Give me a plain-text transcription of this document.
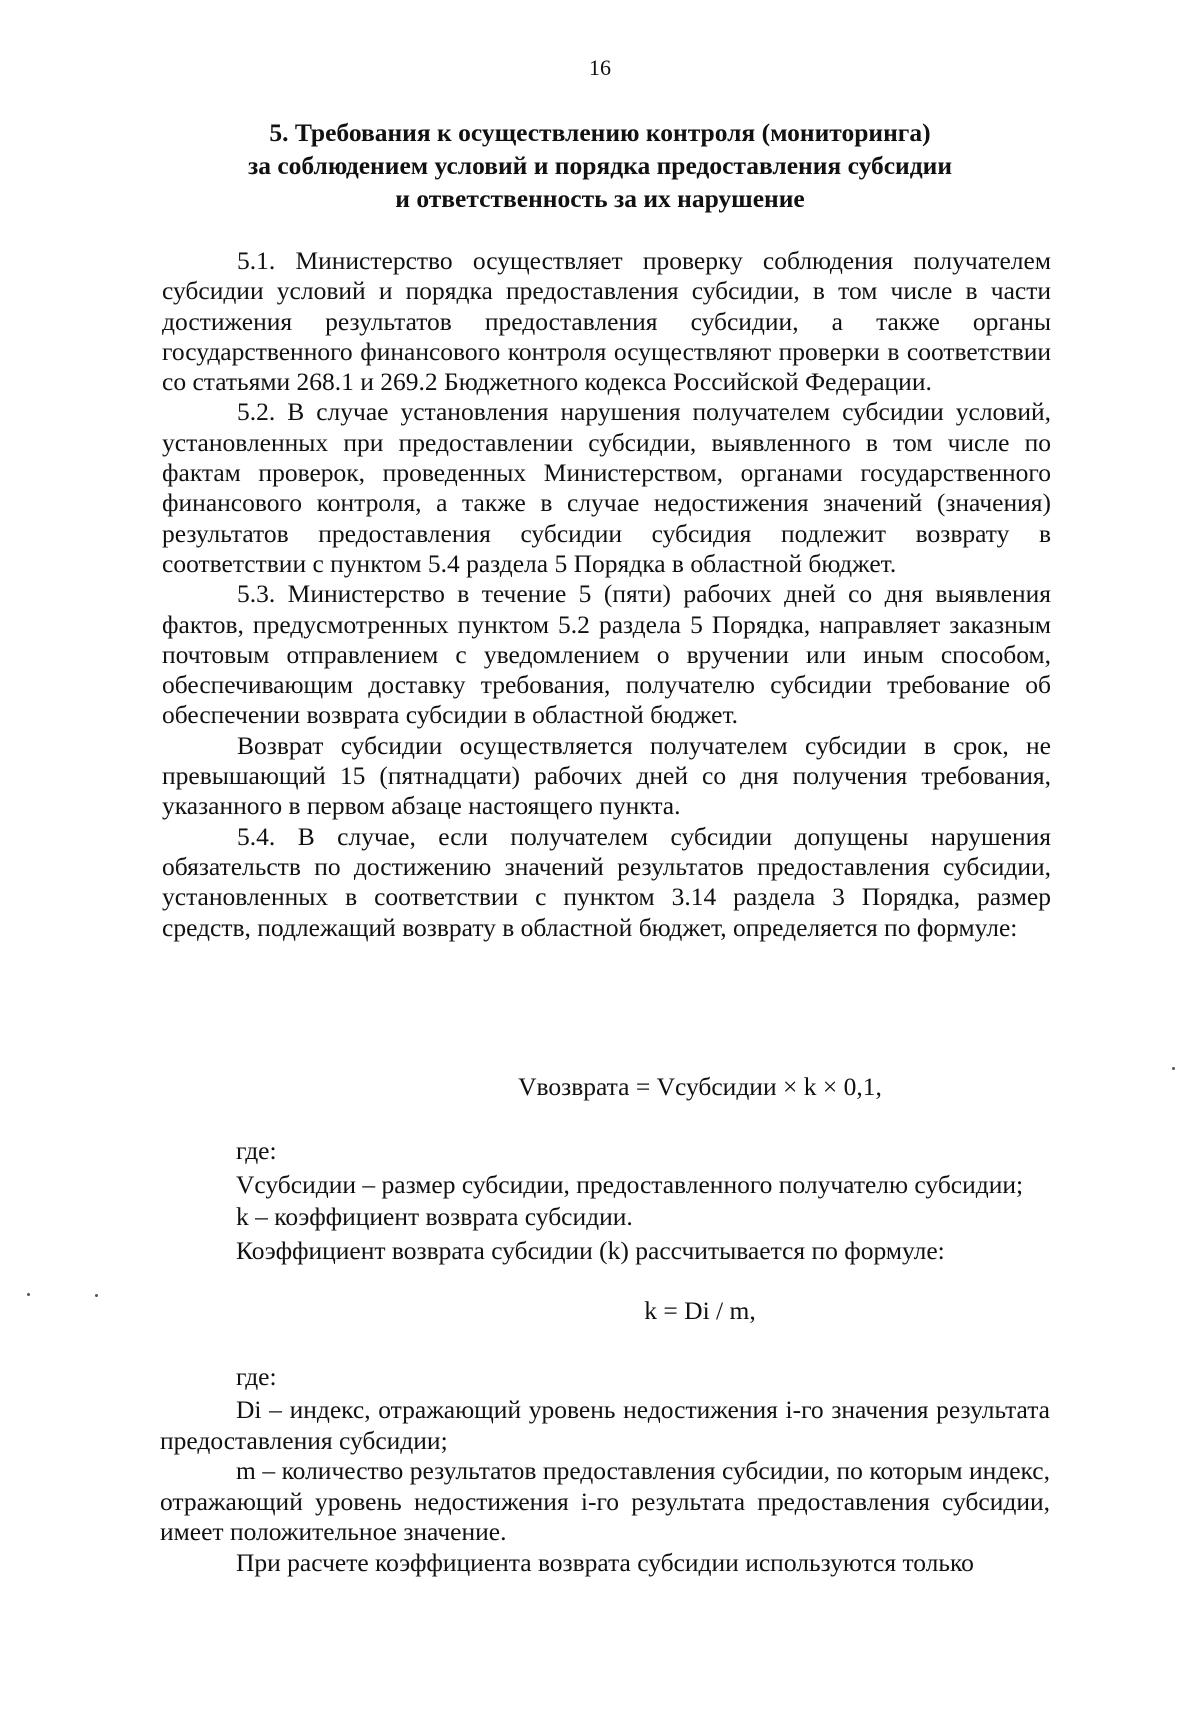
16
5. Требования к осуществлению контроля (мониторинга)
за соблюдением условий и порядка предоставления субсидии
и ответственность за их нарушение

5.1. Министерство осуществляет проверку соблюдения получателем субсидии условий и порядка предоставления субсидии, в том числе в части достижения результатов предоставления субсидии, а также органы государственного финансового контроля осуществляют проверки в соответствии со статьями 268.1 и 269.2 Бюджетного кодекса Российской Федерации.

5.2. В случае установления нарушения получателем субсидии условий, установленных при предоставлении субсидии, выявленного в том числе по фактам проверок, проведенных Министерством, органами государственного финансового контроля, а также в случае недостижения значений (значения) результатов предоставления субсидии субсидия подлежит возврату в соответствии с пунктом 5.4 раздела 5 Порядка в областной бюджет.

5.3. Министерство в течение 5 (пяти) рабочих дней со дня выявления фактов, предусмотренных пунктом 5.2 раздела 5 Порядка, направляет заказным почтовым отправлением с уведомлением о вручении или иным способом, обеспечивающим доставку требования, получателю субсидии требование об обеспечении возврата субсидии в областной бюджет.

Возврат субсидии осуществляется получателем субсидии в срок, не превышающий 15 (пятнадцати) рабочих дней со дня получения требования, указанного в первом абзаце настоящего пункта.

5.4. В случае, если получателем субсидии допущены нарушения обязательств по достижению значений результатов предоставления субсидии, установленных в соответствии с пунктом 3.14 раздела 3 Порядка, размер средств, подлежащий возврату в областной бюджет, определяется по формуле:

Vвозврата = Vсубсидии × k × 0,1,
где:
Vсубсидии – размер субсидии, предоставленного получателю субсидии;
k – коэффициент возврата субсидии.
Коэффициент возврата субсидии (k) рассчитывается по формуле:
k = Di / m,
где:

Di – индекс, отражающий уровень недостижения i-го значения результата предоставления субсидии;

m – количество результатов предоставления субсидии, по которым индекс, отражающий уровень недостижения i-го результата предоставления субсидии, имеет положительное значение.

При расчете коэффициента возврата субсидии используются только
